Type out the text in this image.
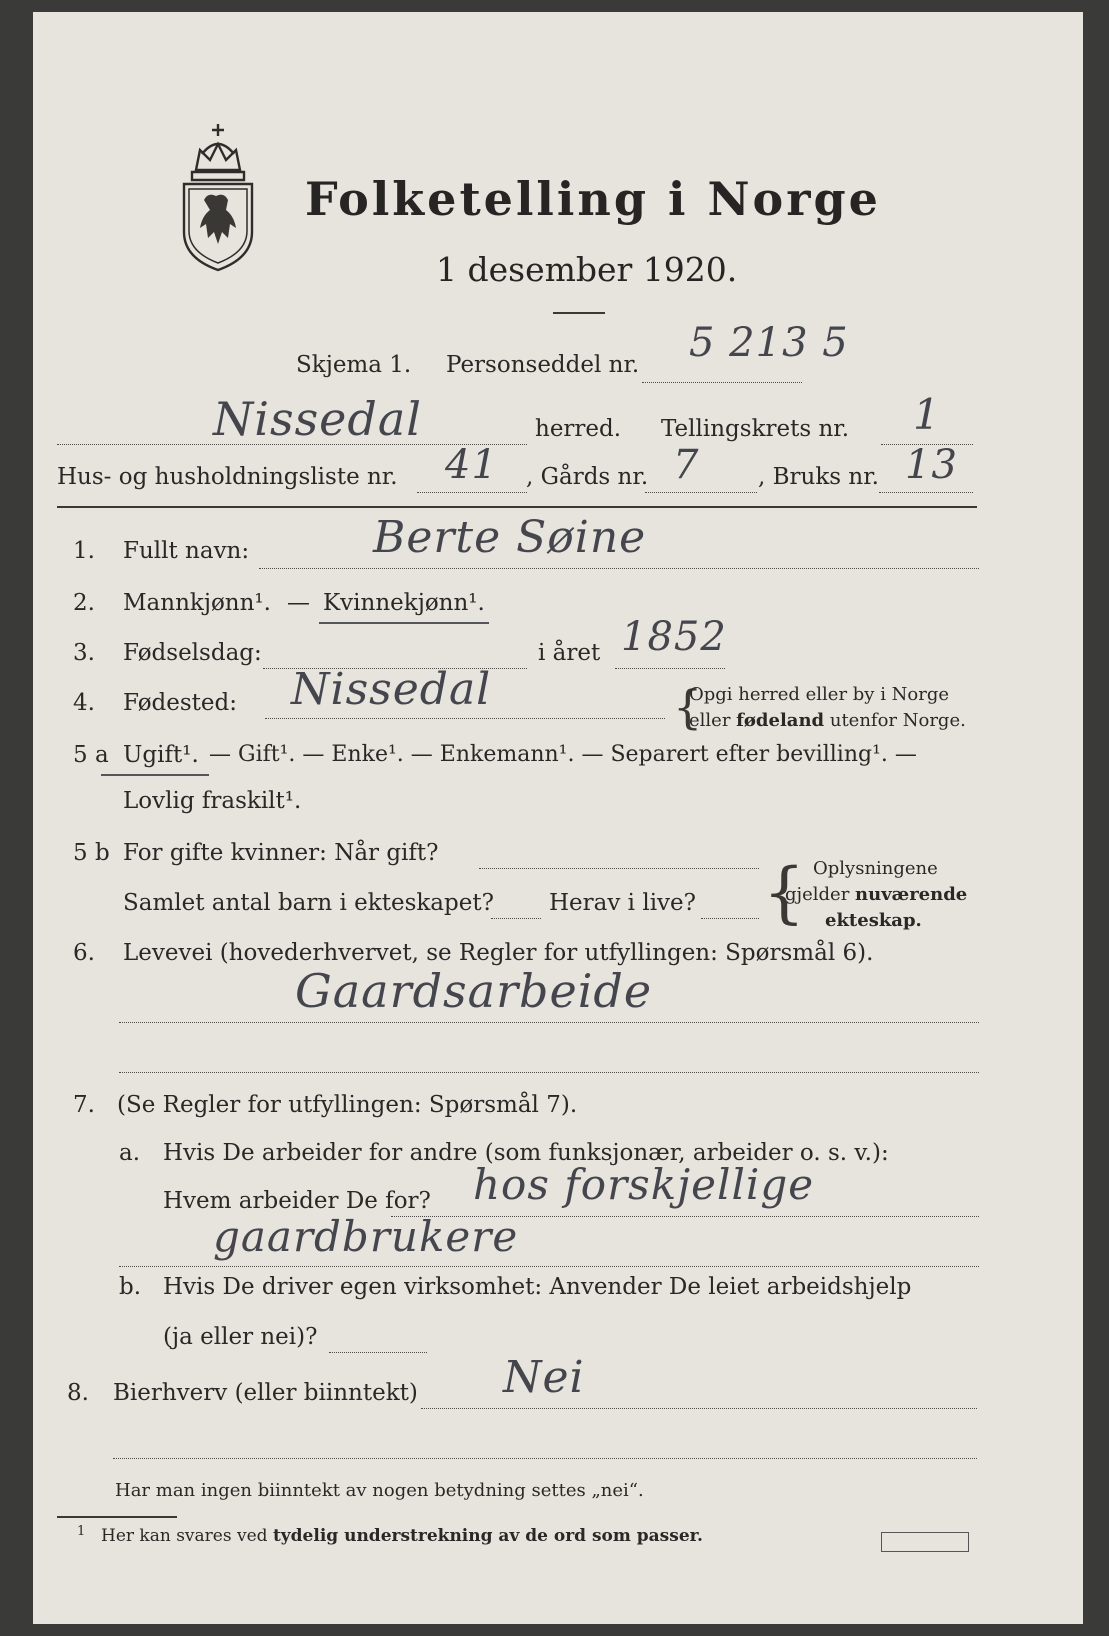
Folketelling i Norge
1 desember 1920.
Skjema 1. Personseddel nr. 5 213 5
Nissedal	herred. Tellingskrets nr. 1
Hus- og husholdningsliste nr. 41 , Gårds nr. 7	, Bruks nr. 13
1. Fullt navn:	Berte Søine
2. Mannkjønn¹. — Kvinnekjønn¹.
3. Fødselsdag:	i året 1852
4. Fødested: Nissedal	{
Opgi herred eller by i Norge
eller fødeland utenfor Norge.
5 a Ugift¹. — Gift¹. — Enke¹. — Enkemann¹. — Separert efter bevilling¹. —
Lovlig fraskilt¹.
5 b For gifte kvinner: Når gift?
Samlet antal barn i ekteskapet? Herav i live? { Oplysningene
gjelder nuværende
ekteskap.
6. Levevei (hovederhvervet, se Regler for utfyllingen: Spørsmål 6).
Gaardsarbeide
7. (Se Regler for utfyllingen: Spørsmål 7).
a. Hvis De arbeider for andre (som funksjonær, arbeider o. s. v.):
Hvem arbeider De for? hos forskjellige
gaardbrukere
b. Hvis De driver egen virksomhet: Anvender De leiet arbeidshjelp
(ja eller nei)?
8. Bierhverv (eller biinntekt) Nei
Har man ingen biinntekt av nogen betydning settes „nei“.
1 Her kan svares ved tydelig understrekning av de ord som passer.
